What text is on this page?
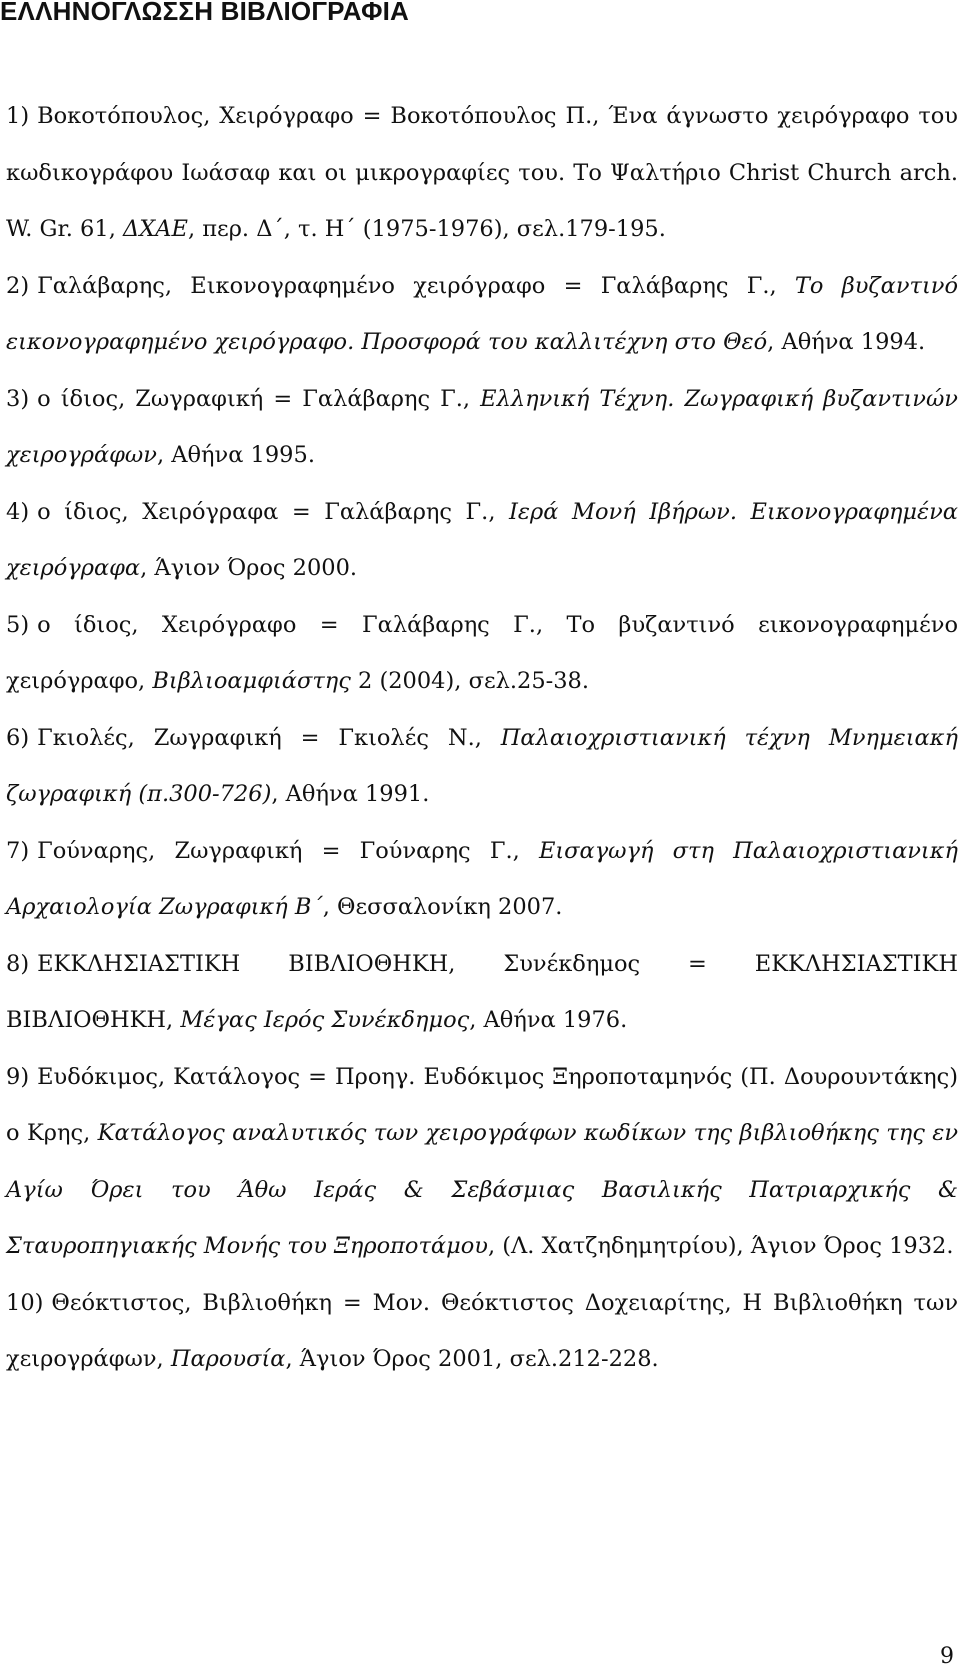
ΕΛΛΗΝΟΓΛΩΣΣΗ ΒΙΒΛΙΟΓΡΑΦΙΑ

1) Βοκοτόπουλος, Χειρόγραφο = Βοκοτόπουλος Π., Ένα άγνωστο χειρόγραφο του κωδικογράφου Ιωάσαφ και οι μικρογραφίες του. Το Ψαλτήριο Christ Church arch. W. Gr. 61, ΔΧΑΕ, περ. Δ΄, τ. Η΄ (1975-1976), σελ.179-195.

2) Γαλάβαρης, Εικονογραφημένο χειρόγραφο = Γαλάβαρης Γ., Το βυζαντινό εικονογραφημένο χειρόγραφο. Προσφορά του καλλιτέχνη στο Θεό, Αθήνα 1994.

3) ο ίδιος, Ζωγραφική = Γαλάβαρης Γ., Ελληνική Τέχνη. Ζωγραφική βυζαντινών χειρογράφων, Αθήνα 1995.

4) ο ίδιος, Χειρόγραφα = Γαλάβαρης Γ., Ιερά Μονή Ιβήρων. Εικονογραφημένα χειρόγραφα, Άγιον Όρος 2000.

5) ο ίδιος, Χειρόγραφο = Γαλάβαρης Γ., Το βυζαντινό εικονογραφημένο χειρόγραφο, Βιβλιοαμφιάστης 2 (2004), σελ.25-38.

6) Γκιολές, Ζωγραφική = Γκιολές Ν., Παλαιοχριστιανική τέχνη Μνημειακή ζωγραφική (π.300-726), Αθήνα 1991.

7) Γούναρης, Ζωγραφική = Γούναρης Γ., Εισαγωγή στη Παλαιοχριστιανική Αρχαιολογία Ζωγραφική Β΄, Θεσσαλονίκη 2007.

8) ΕΚΚΛΗΣΙΑΣΤΙΚΗ ΒΙΒΛΙΟΘΗΚΗ, Συνέκδημος = ΕΚΚΛΗΣΙΑΣΤΙΚΗ ΒΙΒΛΙΟΘΗΚΗ, Μέγας Ιερός Συνέκδημος, Αθήνα 1976.

9) Ευδόκιμος, Κατάλογος = Προηγ. Ευδόκιμος Ξηροποταμηνός (Π. Δουρουντάκης) ο Κρης, Κατάλογος αναλυτικός των χειρογράφων κωδίκων της βιβλιοθήκης της εν Αγίω Όρει του Άθω Ιεράς & Σεβάσμιας Βασιλικής Πατριαρχικής & Σταυροπηγιακής Μονής του Ξηροποτάμου, (Λ. Χατζηδημητρίου), Άγιον Όρος 1932.

10) Θεόκτιστος, Βιβλιοθήκη = Μον. Θεόκτιστος Δοχειαρίτης, Η Βιβλιοθήκη των χειρογράφων, Παρουσία, Άγιον Όρος 2001, σελ.212-228.

9
